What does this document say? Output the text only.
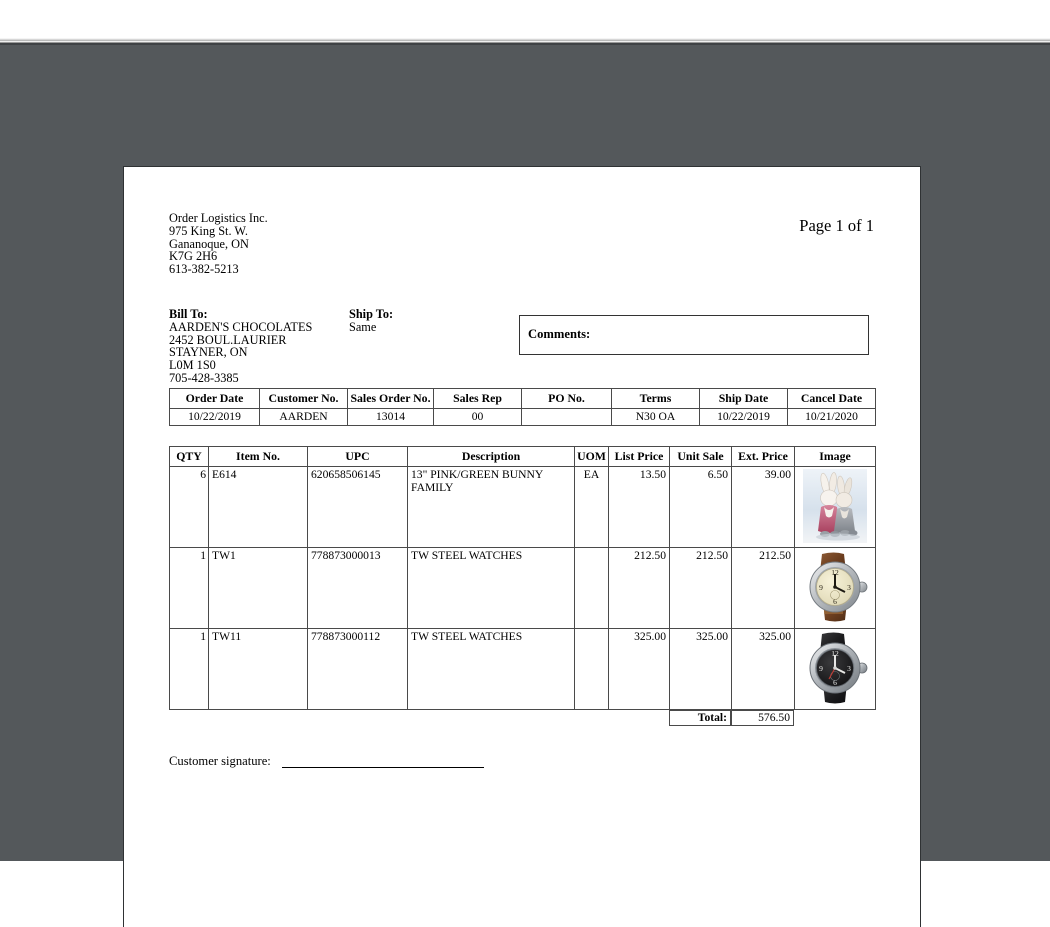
Order Logistics Inc.
975 King St. W.
Gananoque, ON
K7G 2H6
613-382-5213
Page 1 of 1
Bill To:
AARDEN'S CHOCOLATES
2452 BOUL.LAURIER
STAYNER, ON
L0M 1S0
705-428-3385
Ship To:
Same
Comments:
Order Date	Customer No.	Sales Order No.	Sales Rep	PO No.	Terms	Ship Date	Cancel Date
10/22/2019	AARDEN	13014	00		N30 OA	10/22/2019	10/21/2020
QTY	Item No.	UPC	Description	UOM	List Price	Unit Sale	Ext. Price	Image
6	E614	620658506145	13" PINK/GREEN BUNNY FAMILY	EA	13.50	6.50	39.00	

1	TW1	778873000013	TW STEEL WATCHES		212.50	212.50	212.50	12
3
6
9

1	TW11	778873000112	TW STEEL WATCHES		325.00	325.00	325.00	12
3
6
9
Total:	576.50
Customer signature:
